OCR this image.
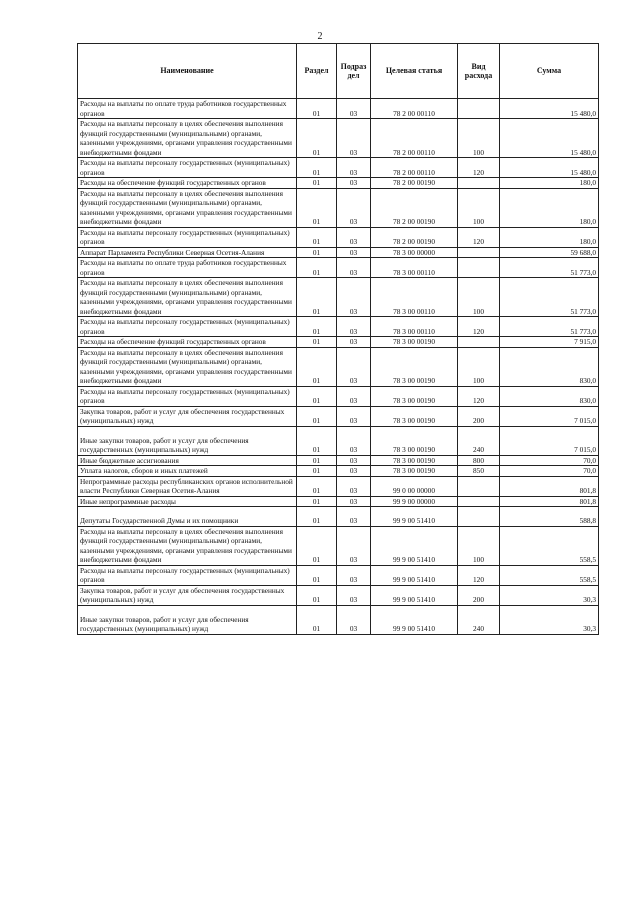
2
Наименование	Раздел	Подраз дел	Целевая статья	Вид расхода	Сумма
Расходы на выплаты по оплате труда работников государственных органов	01	03	78 2 00 00110		15 480,0
Расходы на выплаты персоналу в целях обеспечения выполнения функций государственными (муниципальными) органами, казенными учреждениями, органами управления государственными внебюджетными фондами	01	03	78 2 00 00110	100	15 480,0
Расходы на выплаты персоналу государственных (муниципальных) органов	01	03	78 2 00 00110	120	15 480,0
Расходы на обеспечение функций государственных органов	01	03	78 2 00 00190		180,0
Расходы на выплаты персоналу в целях обеспечения выполнения функций государственными (муниципальными) органами, казенными учреждениями, органами управления государственными внебюджетными фондами	01	03	78 2 00 00190	100	180,0
Расходы на выплаты персоналу государственных (муниципальных) органов	01	03	78 2 00 00190	120	180,0
Аппарат Парламента Республики Северная Осетия-Алания	01	03	78 3 00 00000		59 688,0
Расходы на выплаты по оплате труда работников государственных органов	01	03	78 3 00 00110		51 773,0
Расходы на выплаты персоналу в целях обеспечения выполнения функций государственными (муниципальными) органами, казенными учреждениями, органами управления государственными внебюджетными фондами	01	03	78 3 00 00110	100	51 773,0
Расходы на выплаты персоналу государственных (муниципальных) органов	01	03	78 3 00 00110	120	51 773,0
Расходы на обеспечение функций государственных органов	01	03	78 3 00 00190		7 915,0
Расходы на выплаты персоналу в целях обеспечения выполнения функций государственными (муниципальными) органами, казенными учреждениями, органами управления государственными внебюджетными фондами	01	03	78 3 00 00190	100	830,0
Расходы на выплаты персоналу государственных (муниципальных) органов	01	03	78 3 00 00190	120	830,0
Закупка товаров, работ и услуг для обеспечения государственных (муниципальных) нужд	01	03	78 3 00 00190	200	7 015,0
Иные закупки товаров, работ и услуг для обеспечения государственных (муниципальных) нужд	01	03	78 3 00 00190	240	7 015,0
Иные бюджетные ассигнования	01	03	78 3 00 00190	800	70,0
Уплата налогов, сборов и иных платежей	01	03	78 3 00 00190	850	70,0
Непрограммные расходы республиканских органов исполнительной власти Республики Северная Осетия-Алания	01	03	99 0 00 00000		801,8
Иные непрограммные расходы	01	03	99 9 00 00000		801,8
Депутаты Государственной Думы и их помощники	01	03	99 9 00 51410		588,8
Расходы на выплаты персоналу в целях обеспечения выполнения функций государственными (муниципальными) органами, казенными учреждениями, органами управления государственными внебюджетными фондами	01	03	99 9 00 51410	100	558,5
Расходы на выплаты персоналу государственных (муниципальных) органов	01	03	99 9 00 51410	120	558,5
Закупка товаров, работ и услуг для обеспечения государственных (муниципальных) нужд	01	03	99 9 00 51410	200	30,3
Иные закупки товаров, работ и услуг для обеспечения государственных (муниципальных) нужд	01	03	99 9 00 51410	240	30,3
